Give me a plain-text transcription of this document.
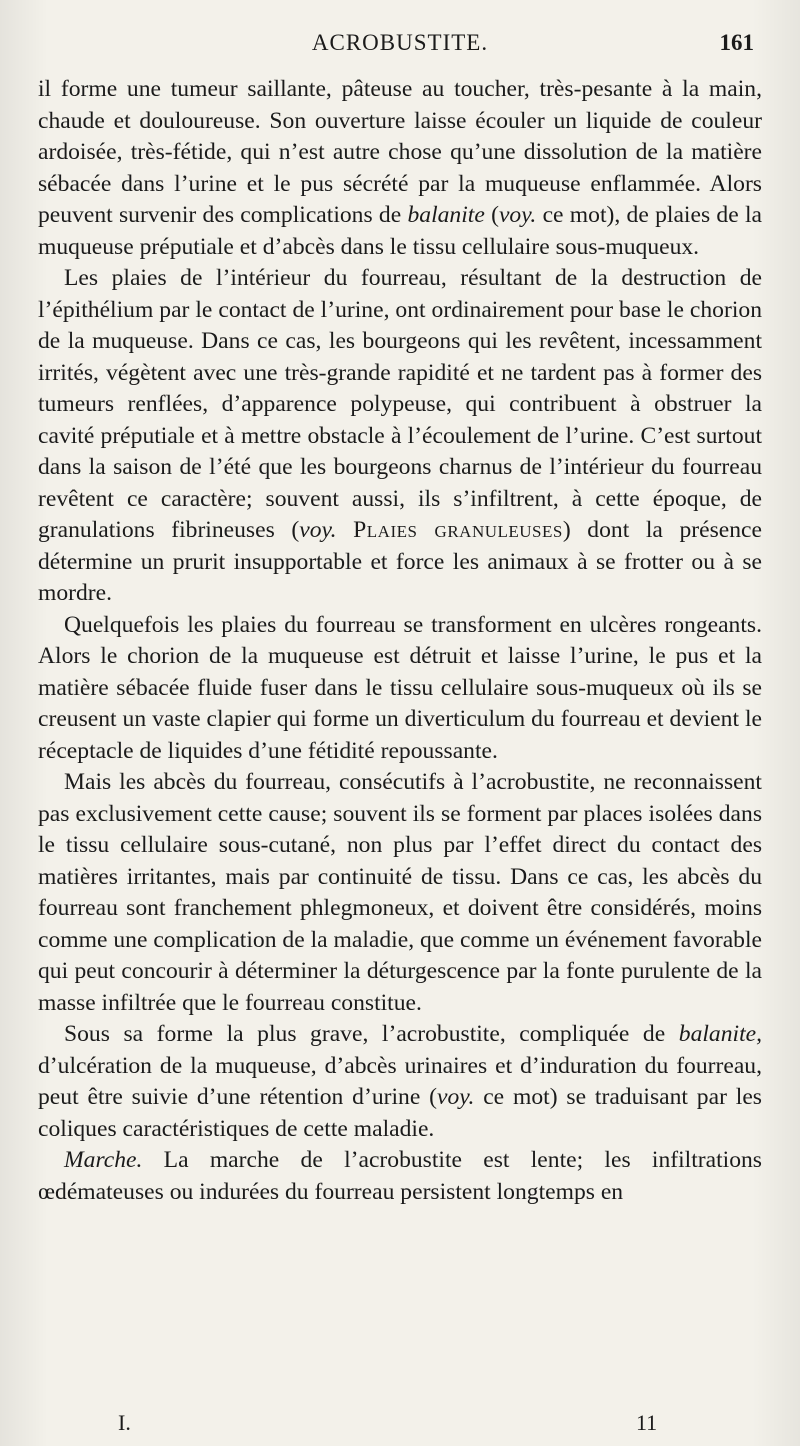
ACROBUSTITE.	161

il forme une tumeur saillante, pâteuse au toucher, très-pesante à la main, chaude et douloureuse. Son ouverture laisse écouler un liquide de couleur ardoisée, très-fétide, qui n’est autre chose qu’une dissolution de la matière sébacée dans l’urine et le pus sécrété par la muqueuse enflammée. Alors peuvent survenir des complications de balanite (voy. ce mot), de plaies de la muqueuse préputiale et d’abcès dans le tissu cellulaire sous-muqueux.

Les plaies de l’intérieur du fourreau, résultant de la destruction de l’épithélium par le contact de l’urine, ont ordinairement pour base le chorion de la muqueuse. Dans ce cas, les bourgeons qui les revêtent, incessamment irrités, végètent avec une très-grande rapidité et ne tardent pas à former des tumeurs renflées, d’apparence polypeuse, qui contribuent à obstruer la cavité préputiale et à mettre obstacle à l’écoulement de l’urine. C’est surtout dans la saison de l’été que les bourgeons charnus de l’intérieur du fourreau revêtent ce caractère; souvent aussi, ils s’infiltrent, à cette époque, de granulations fibrineuses (voy. Plaies granuleuses) dont la présence détermine un prurit insupportable et force les animaux à se frotter ou à se mordre.

Quelquefois les plaies du fourreau se transforment en ulcères rongeants. Alors le chorion de la muqueuse est détruit et laisse l’urine, le pus et la matière sébacée fluide fuser dans le tissu cellulaire sous-muqueux où ils se creusent un vaste clapier qui forme un diverticulum du fourreau et devient le réceptacle de liquides d’une fétidité repoussante.

Mais les abcès du fourreau, consécutifs à l’acrobustite, ne reconnaissent pas exclusivement cette cause; souvent ils se forment par places isolées dans le tissu cellulaire sous-cutané, non plus par l’effet direct du contact des matières irritantes, mais par continuité de tissu. Dans ce cas, les abcès du fourreau sont franchement phlegmoneux, et doivent être considérés, moins comme une complication de la maladie, que comme un événement favorable qui peut concourir à déterminer la déturgescence par la fonte purulente de la masse infiltrée que le fourreau constitue.

Sous sa forme la plus grave, l’acrobustite, compliquée de balanite, d’ulcération de la muqueuse, d’abcès urinaires et d’induration du fourreau, peut être suivie d’une rétention d’urine (voy. ce mot) se traduisant par les coliques caractéristiques de cette maladie.

Marche. La marche de l’acrobustite est lente; les infiltrations œdémateuses ou indurées du fourreau persistent longtemps en

I.	11
